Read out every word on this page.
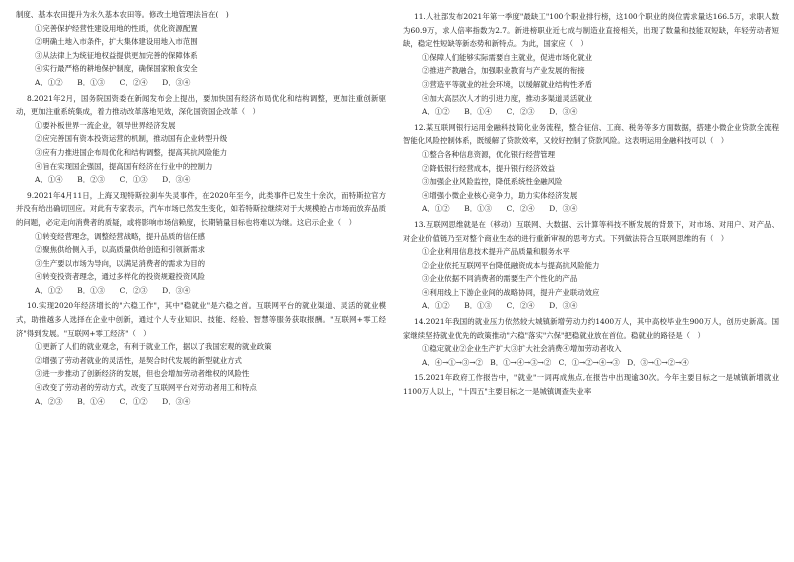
制度、基本农田提升为永久基本农田等。修改土地管理法旨在(　)

①完善保护经营性建设用地的性质，优化资源配置

②明确土地入市条件，扩大集体建设用地入市范围

③从法律上为统征地权益提供更加完善的保障体系

④实行最严格的耕地保护制度，确保国家粮食安全

A．①②　　B．①③　　C．②④　　D．③④

8.2021年2月，国务院国资委在新闻发布会上提出，要加快国有经济布局优化和结构调整，更加注重创新驱动，更加注重系统集成，着力推动改革落地见效，深化国资国企改革（　）

①要补板世界一流企业，领导世界经济发展

②应完善国有资本投资运营的机制，推动国有企业转型升级

③应有力推进国企布局优化和结构调整，提高其抗风险能力

④旨在实现国企强国，提高国有经济在行业中的控制力

A．①④　　B．②③　　C．①③　　D．③④

9.2021年4月11日，上海又现特斯拉刹车失灵事件，在2020年至今，此类事件已发生十余次，而特斯拉官方并没有给出确切回应。对此有专家表示，汽车市场已然发生变化，如若特斯拉继续对于大规模抢占市场而放弃品质的问题，必定走向消费者的质疑，或将影响市场信赖度，长期销量目标也将难以为继。这启示企业（　）

①转变经营理念，调整经营战略，提升品质的信任感

②聚焦供给侧入手，以高质量供给创造和引领新需求

③生产要以市场为导向，以满足消费者的需求为目的

④转变投资者理念，通过多样化的投资规避投资风险

A．①②　　B．①③　　C．②③　　D．③④

10.实现2020年经济增长的"六稳工作"，其中"稳就业"是六稳之首。互联网平台的就业渠道、灵活的就业模式，助推越多人选择在企业中创新，通过个人专业知识、技能、经验、智慧等服务获取报酬。"互联网+零工经济"得到发展。"互联网+零工经济"（　）

①更新了人们的就业观念，有利于就业工作，据以了我国宏观的就业政策

②增强了劳动者就业的灵活性，是契合时代发展的新型就业方式

③进一步推动了创新经济的发展，但也会增加劳动者维权的风险性

④改变了劳动者的劳动方式，改变了互联网平台对劳动者用工和特点

A．②③　　B．①④　　C．①②　　D．③④

11.人社部发布2021年第一季度"最缺工"100个职业排行榜，这100个职业的岗位需求量达166.5万，求职人数为60.9万，求人倍率指数为2.7。新进榜职业近七成与制造业直接相关，出现了数量和技能双短缺，年轻劳动者短缺，稳定性短缺等新态势和新特点。为此，国家应（　）

①保障人们能够实际需要自主就业，促进市场化就业

②推进产教融合，加强职业教育与产业发展的衔接

③营造平等就业的社会环境，以缓解就业结构性矛盾

④加大高层次人才的引进力度，推动多渠道灵活就业

A．①②　　B．①④　　C．②③　　D．③④

12.某互联网银行运用金融科技简化业务流程，整合征信、工商、税务等多方面数据，搭建小微企业贷款全流程智能化风险控制体系，既缓解了贷款效率，又较好控制了贷款风险。这表明运用金融科技可以（　）

①整合各种信息资源，优化银行经营管理

②降低银行经营成本，提升银行经济效益

③加强企业风险监控，降低系统性金融风险

④增强小微企业核心竞争力，助力实体经济发展

A．①②　　B．①③　　C．②④　　D．③④

13.互联网思维就是在（移动）互联网、大数据、云计算等科技不断发展的背景下，对市场、对用户、对产品、对企业价值链乃至对整个商业生态的进行重新审视的思考方式。下列做法符合互联网思维的有（　）

①企业利用信息技术提升产品质量和服务水平

②企业依托互联网平台降低融资成本与提高抗风险能力

③企业依据不同消费者的需要生产个性化的产品

④利用线上下游企业间的战略协同，提升产业联动效应

A．①②　　B．①③　　C．②④　　D．③④

14.2021年我国的就业压力依然较大城镇新增劳动力约1400万人，其中高校毕业生900万人，创历史新高。国家继续坚持就业优先的政策推动"六稳"落实"六保"把稳就业放在首位。稳就业的路径是（　）

①稳定就业②企业生产扩大③扩大社会消费④增加劳动者收入

A．④→①→③→②　B．①→④→③→②　C．①→②→④→③　D．③→①→②→④

15.2021年政府工作报告中，"就业"一词再成焦点,在报告中出现逾30次。今年主要目标之一是城镇新增就业1100万人以上，"十四五"主要目标之一是城镇调查失业率
